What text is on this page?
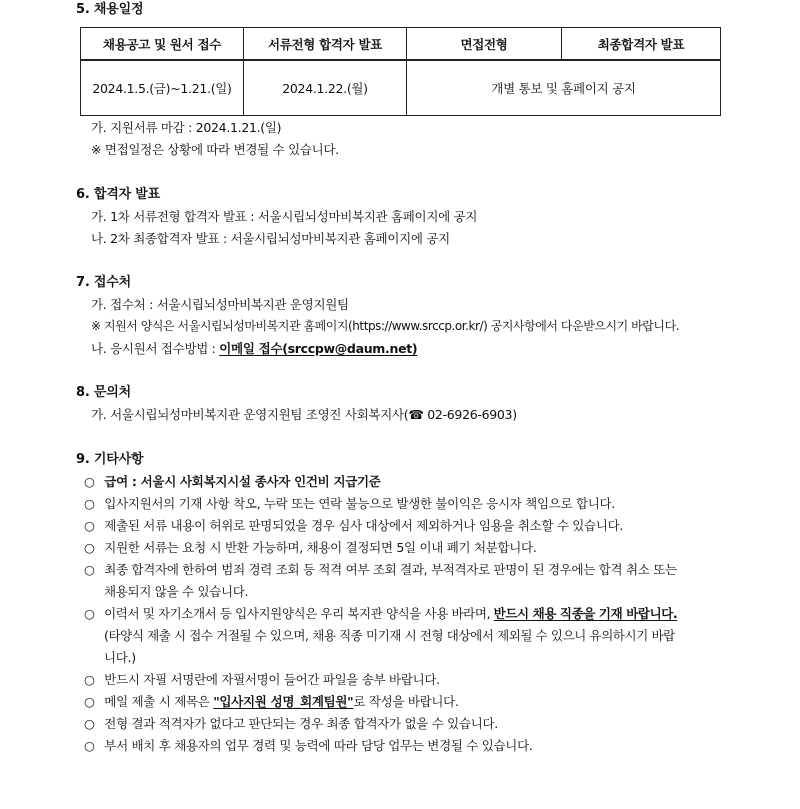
5. 채용일정
채용공고 및 원서 접수	서류전형 합격자 발표	면접전형	최종합격자 발표
2024.1.5.(금)~1.21.(일)	2024.1.22.(월)	개별 통보 및 홈페이지 공지	
가. 지원서류 마감 : 2024.1.21.(일)
※ 면접일정은 상황에 따라 변경될 수 있습니다.
6. 합격자 발표
가. 1차 서류전형 합격자 발표 : 서울시립뇌성마비복지관 홈페이지에 공지
나. 2차 최종합격자 발표 : 서울시립뇌성마비복지관 홈페이지에 공지
7. 접수처
가. 접수처 : 서울시립뇌성마비복지관 운영지원팀
※ 지원서 양식은 서울시립뇌성마비복지관 홈페이지(https://www.srccp.or.kr/) 공지사항에서 다운받으시기 바랍니다.
나. 응시원서 접수방법 : 이메일 접수(srccpw@daum.net)
8. 문의처
가. 서울시립뇌성마비복지관 운영지원팀 조영진 사회복지사(☎ 02-6926-6903)
9. 기타사항
○ 급여 : 서울시 사회복지시설 종사자 인건비 지급기준
○ 입사지원서의 기재 사항 착오, 누락 또는 연락 불능으로 발생한 불이익은 응시자 책임으로 합니다.
○ 제출된 서류 내용이 허위로 판명되었을 경우 심사 대상에서 제외하거나 임용을 취소할 수 있습니다.
○ 지원한 서류는 요청 시 반환 가능하며, 채용이 결정되면 5일 이내 폐기 처분합니다.
○ 최종 합격자에 한하여 범죄 경력 조회 등 적격 여부 조회 결과, 부적격자로 판명이 된 경우에는 합격 취소 또는
채용되지 않을 수 있습니다.
○ 이력서 및 자기소개서 등 입사지원양식은 우리 복지관 양식을 사용 바라며, 반드시 채용 직종을 기재 바랍니다.
(타양식 제출 시 접수 거절될 수 있으며, 채용 직종 미기재 시 전형 대상에서 제외될 수 있으니 유의하시기 바랍
니다.)
○ 반드시 자필 서명란에 자필서명이 들어간 파일을 송부 바랍니다.
○ 메일 제출 시 제목은 "입사지원 성명_회계팀원"로 작성을 바랍니다.
○ 전형 결과 적격자가 없다고 판단되는 경우 최종 합격자가 없을 수 있습니다.
○ 부서 배치 후 채용자의 업무 경력 및 능력에 따라 담당 업무는 변경될 수 있습니다.
